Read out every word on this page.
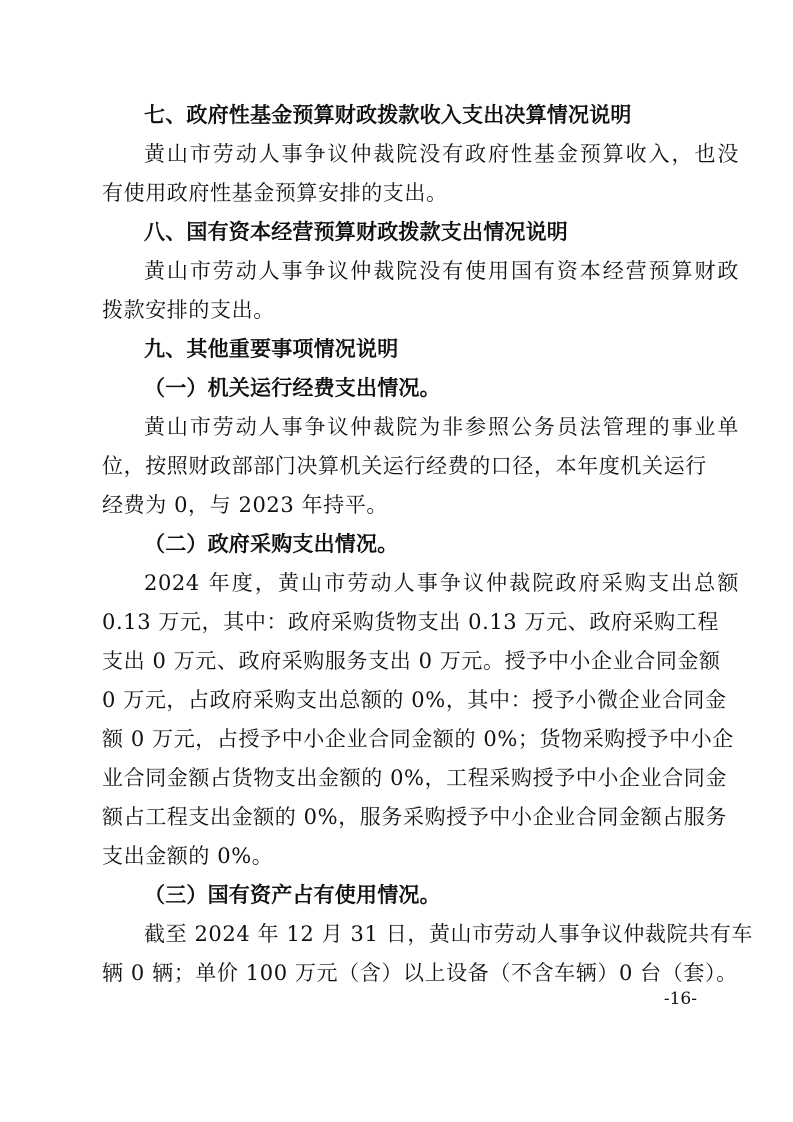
七、政府性基金预算财政拨款收入支出决算情况说明
黄山市劳动人事争议仲裁院没有政府性基金预算收入，也没
有使用政府性基金预算安排的支出。
八、国有资本经营预算财政拨款支出情况说明
黄山市劳动人事争议仲裁院没有使用国有资本经营预算财政
拨款安排的支出。
九、其他重要事项情况说明
（一）机关运行经费支出情况。
黄山市劳动人事争议仲裁院为非参照公务员法管理的事业单
位，按照财政部部门决算机关运行经费的口径，本年度机关运行
经费为 0，与 2023 年持平。
（二）政府采购支出情况。
2024 年度，黄山市劳动人事争议仲裁院政府采购支出总额
0.13 万元，其中：政府采购货物支出 0.13 万元、政府采购工程
支出 0 万元、政府采购服务支出 0 万元。授予中小企业合同金额
0 万元，占政府采购支出总额的 0%，其中：授予小微企业合同金
额 0 万元，占授予中小企业合同金额的 0%；货物采购授予中小企
业合同金额占货物支出金额的 0%，工程采购授予中小企业合同金
额占工程支出金额的 0%，服务采购授予中小企业合同金额占服务
支出金额的 0%。
（三）国有资产占有使用情况。
截至 2024 年 12 月 31 日，黄山市劳动人事争议仲裁院共有车
辆 0 辆；单价 100 万元（含）以上设备（不含车辆）0 台（套）。
-16-
